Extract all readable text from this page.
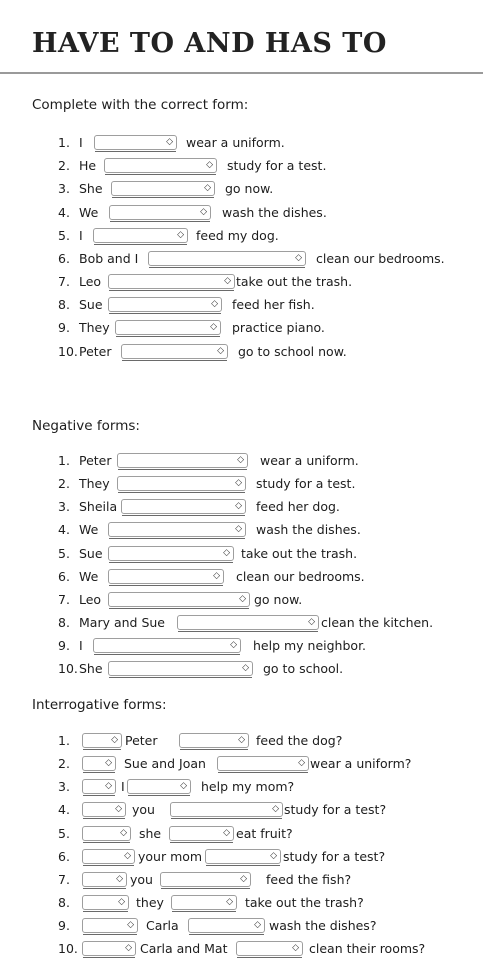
HAVE TO AND HAS TO
Complete with the correct form:
Negative forms:
Interrogative forms:
1. I	◇ wear a uniform.
2. He	◇ study for a test.
3. She	◇ go now.
4. We	◇ wash the dishes.
5. I	◇ feed my dog.
6. Bob and I	◇ clean our bedrooms.
7. Leo	◇ take out the trash.
8. Sue	◇ feed her fish.
9. They	◇ practice piano.
10. Peter	◇ go to school now.
1. Peter	◇ wear a uniform.
2. They	◇ study for a test.
3. Sheila	◇ feed her dog.
4. We	◇ wash the dishes.
5. Sue	◇ take out the trash.
6. We	◇ clean our bedrooms.
7. Leo	◇ go now.
8. Mary and Sue	◇ clean the kitchen.
9. I	◇ help my neighbor.
10. She	◇ go to school.
1.	◇ Peter	◇ feed the dog?
2.	◇ Sue and Joan	◇ wear a uniform?
3.	◇ I	◇ help my mom?
4.	◇ you	◇ study for a test?
5.	◇ she	◇ eat fruit?
6.	◇ your mom	◇ study for a test?
7.	◇ you	◇ feed the fish?
8.	◇ they	◇ take out the trash?
9.	◇ Carla	◇ wash the dishes?
10.	◇ Carla and Mat	◇ clean their rooms?
